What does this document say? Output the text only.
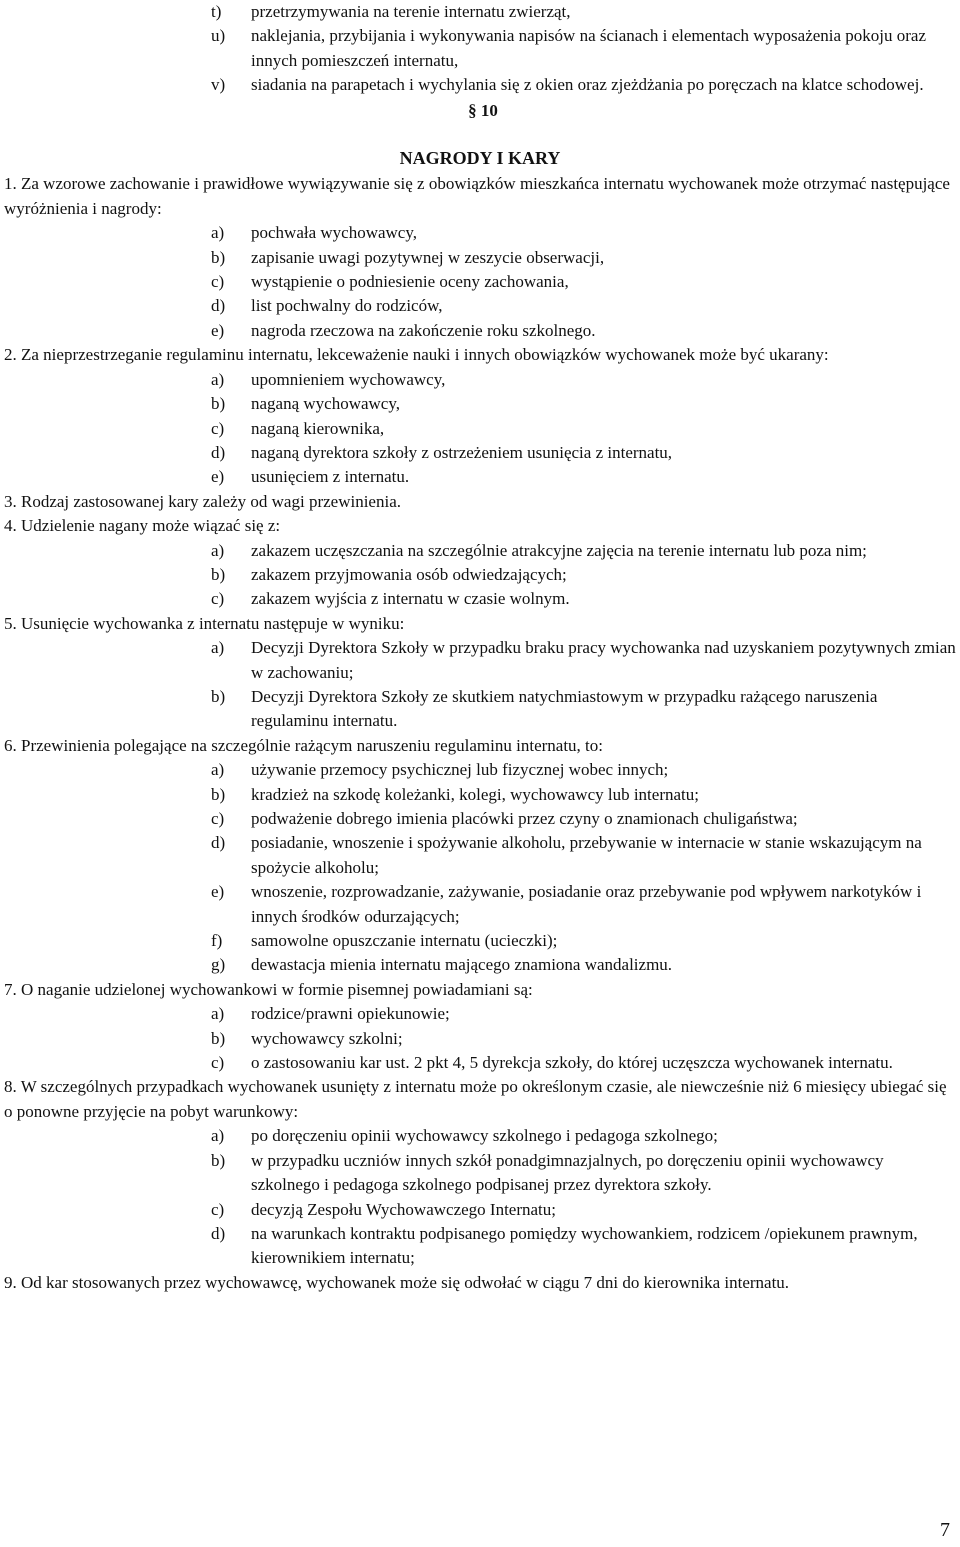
t) przetrzymywania na terenie internatu zwierząt,
u) naklejania, przybijania i wykonywania napisów na ścianach i elementach wyposażenia pokoju oraz innych pomieszczeń internatu,
v) siadania na parapetach i wychylania się z okien oraz zjeżdżania po poręczach na klatce schodowej.
§ 10
NAGRODY I KARY
1. Za wzorowe zachowanie i prawidłowe wywiązywanie się z obowiązków mieszkańca internatu wychowanek może otrzymać następujące wyróżnienia i nagrody:
a) pochwała wychowawcy,
b) zapisanie uwagi pozytywnej w zeszycie obserwacji,
c) wystąpienie o podniesienie oceny zachowania,
d) list pochwalny do rodziców,
e) nagroda rzeczowa na zakończenie roku szkolnego.
2. Za nieprzestrzeganie regulaminu internatu, lekceważenie nauki i innych obowiązków wychowanek może być ukarany:
a) upomnieniem wychowawcy,
b) naganą wychowawcy,
c) naganą kierownika,
d) naganą dyrektora szkoły z ostrzeżeniem usunięcia z internatu,
e) usunięciem z internatu.
3. Rodzaj zastosowanej kary zależy od wagi przewinienia.
4. Udzielenie nagany może wiązać się z:
a) zakazem uczęszczania na szczególnie atrakcyjne zajęcia na terenie internatu lub poza nim;
b) zakazem przyjmowania osób odwiedzających;
c) zakazem wyjścia z internatu w czasie wolnym.
5. Usunięcie wychowanka z internatu następuje w wyniku:
a) Decyzji Dyrektora Szkoły w przypadku braku pracy wychowanka nad uzyskaniem pozytywnych zmian w zachowaniu;
b) Decyzji Dyrektora Szkoły ze skutkiem natychmiastowym w przypadku rażącego naruszenia regulaminu internatu.
6. Przewinienia polegające na szczególnie rażącym naruszeniu regulaminu internatu, to:
a) używanie przemocy psychicznej lub fizycznej wobec innych;
b) kradzież na szkodę koleżanki, kolegi, wychowawcy lub internatu;
c) podważenie dobrego imienia placówki przez czyny o znamionach chuligaństwa;
d) posiadanie, wnoszenie i spożywanie alkoholu, przebywanie w internacie w stanie wskazującym na spożycie alkoholu;
e) wnoszenie, rozprowadzanie, zażywanie, posiadanie oraz przebywanie pod wpływem narkotyków i innych środków odurzających;
f) samowolne opuszczanie internatu (ucieczki);
g) dewastacja mienia internatu mającego znamiona wandalizmu.
7. O naganie udzielonej wychowankowi w formie pisemnej powiadamiani są:
a) rodzice/prawni opiekunowie;
b) wychowawcy szkolni;
c) o zastosowaniu kar ust. 2 pkt 4, 5 dyrekcja szkoły, do której uczęszcza wychowanek internatu.
8. W szczególnych przypadkach wychowanek usunięty z internatu może po określonym czasie, ale niewcześnie niż 6 miesięcy ubiegać się
o ponowne przyjęcie na pobyt warunkowy:
a) po doręczeniu opinii wychowawcy szkolnego i pedagoga szkolnego;
b) w przypadku uczniów innych szkół ponadgimnazjalnych, po doręczeniu opinii wychowawcy szkolnego i pedagoga szkolnego podpisanej przez dyrektora szkoły.
c) decyzją Zespołu Wychowawczego Internatu;
d) na warunkach kontraktu podpisanego pomiędzy wychowankiem, rodzicem /opiekunem prawnym, kierownikiem internatu;
9. Od kar stosowanych przez wychowawcę, wychowanek może się odwołać w ciągu 7 dni do kierownika internatu.
7
